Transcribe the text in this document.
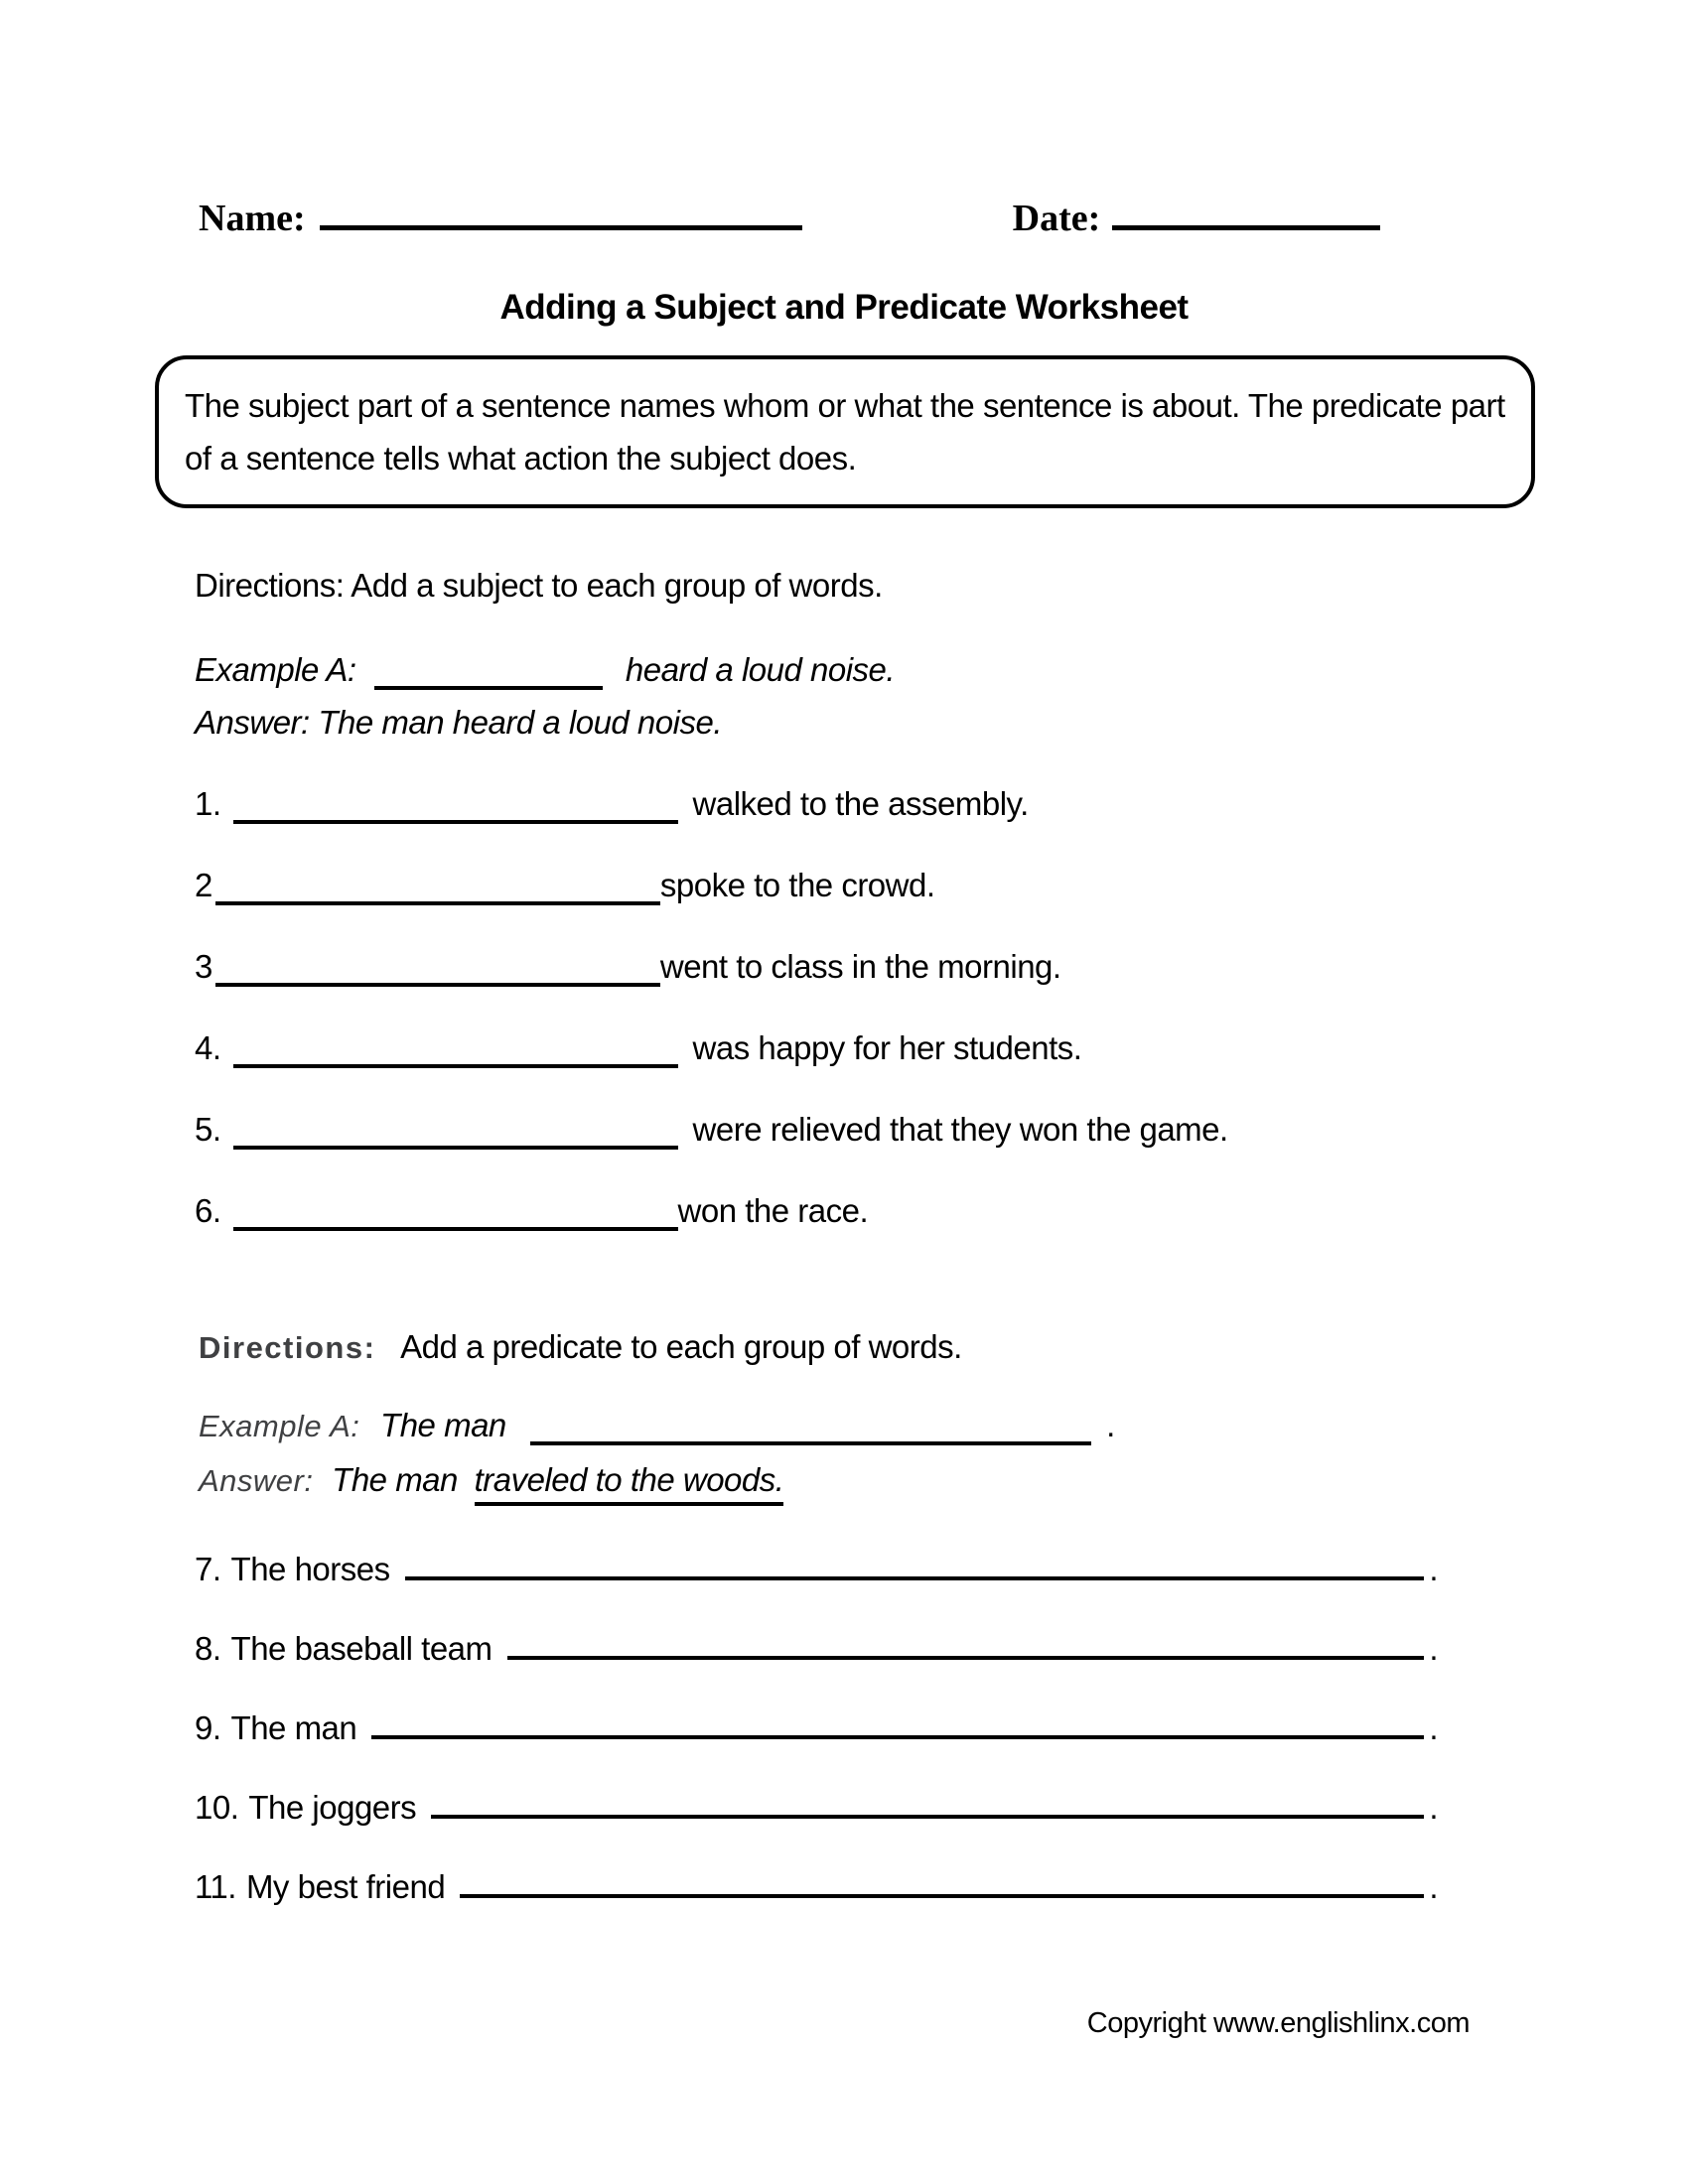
Name:	Date:
Adding a Subject and Predicate Worksheet

The subject part of a sentence names whom or what the sentence is about. The predicate part of a sentence tells what action the subject does.

Directions: Add a subject to each group of words.
Example A:	heard a loud noise.
Answer: The man heard a loud noise.
1.	walked to the assembly.
2	spoke to the crowd.
3	went to class in the morning.
4.	was happy for her students.
5.	were relieved that they won the game.
6.	won the race.
Directions: Add a predicate to each group of words.
Example A: The man	.
Answer: The man traveled to the woods.
7. The horses	.
8. The baseball team	.
9. The man	.
10. The joggers	.
11. My best friend	.
Copyright www.englishlinx.com
